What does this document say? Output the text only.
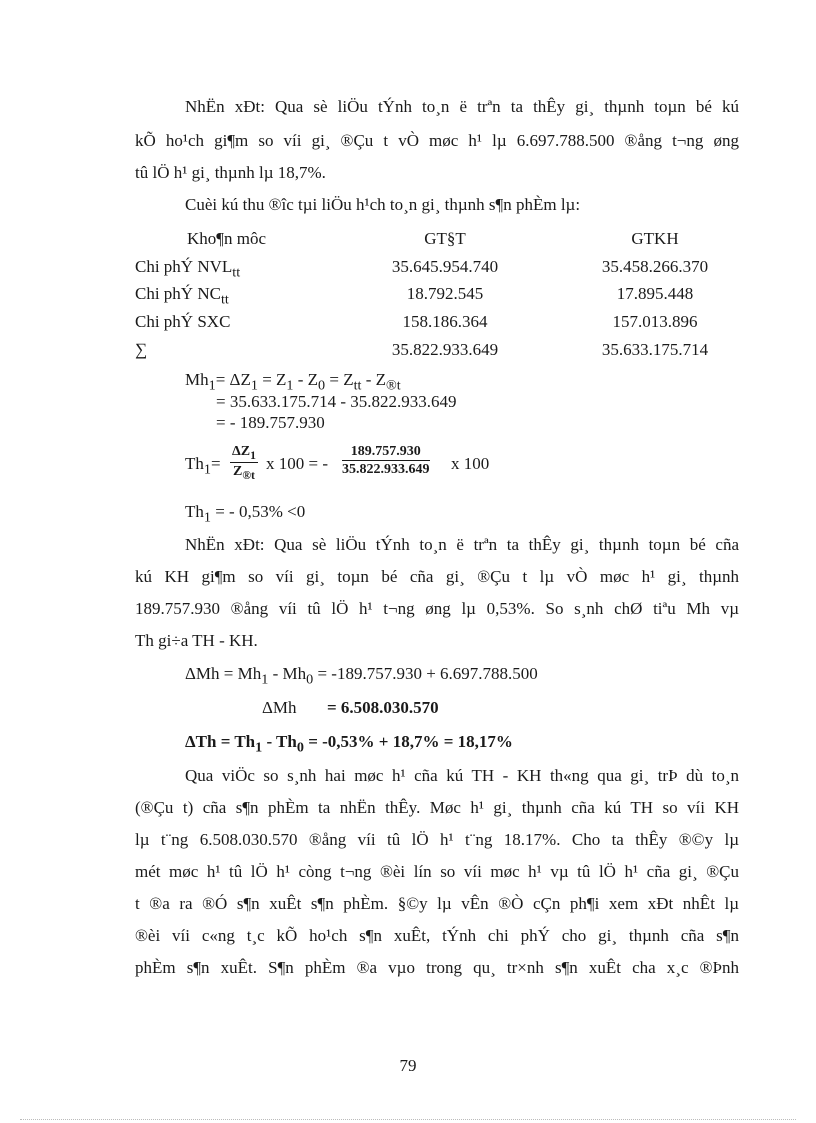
NhËn xÐt: Qua sè liÖu tÝnh to¸n ë trªn ta thÊy gi¸ thµnh toµn bé kú
kÕ ho¹ch gi¶m so víi gi¸ ®Çu t vÒ møc h¹ lµ 6.697.788.500 ®ång t¬ng øng
tû lÖ h¹ gi¸ thµnh lµ 18,7%.
Cuèi kú thu ®îc tµi liÖu h¹ch to¸n gi¸ thµnh s¶n phÈm lµ:
Kho¶n môc	GT§T	GTKH
Chi phÝ $NVL_{tt}$	35.645.954.740	35.458.266.370
Chi phÝ $NC_{tt}$	18.792.545	17.895.448
Chi phÝ SXC	158.186.364	157.013.896
∑	35.822.933.649	35.633.175.714
$Mh_1= \Delta Z_1 = Z_1 - Z_0 = Z_{tt} - Z_{®t}$
= 35.633.175.714 - 35.822.933.649
= - 189.757.930
$Th_1= \frac{\Delta Z_1}{Z_{®t}}$ x 100 = - $\frac{189.757.930}{35.822.933.649}$ x 100
$Th_1$ = - 0,53% <0
NhËn xÐt: Qua sè liÖu tÝnh to¸n ë trªn ta thÊy gi¸ thµnh toµn bé cña
kú KH gi¶m so víi gi¸ toµn bé cña gi¸ ®Çu t lµ vÒ møc h¹ gi¸ thµnh
189.757.930 ®ång víi tû lÖ h¹ t¬ng øng lµ 0,53%. So s¸nh chØ tiªu Mh vµ
Th gi÷a TH - KH.
$\Delta Mh = Mh_1 - Mh_0 = -189.757.930 + 6.697.788.500$
ΔMh = 6.508.030.570
$\Delta Th = Th_1 - Th_0 = -0,53\% + 18,7\% = 18,17\%$
Qua viÖc so s¸nh hai møc h¹ cña kú TH - KH th«ng qua gi¸ trÞ dù to¸n
(®Çu t) cña s¶n phÈm ta nhËn thÊy. Møc h¹ gi¸ thµnh cña kú TH so víi KH
lµ t¨ng 6.508.030.570 ®ång víi tû lÖ h¹ t¨ng 18.17%. Cho ta thÊy ®©y lµ
mét møc h¹ tû lÖ h¹ còng t¬ng ®èi lín so víi møc h¹ vµ tû lÖ h¹ cña gi¸ ®Çu
t ®a ra ®Ó s¶n xuÊt s¶n phÈm. §©y lµ vÊn ®Ò cÇn ph¶i xem xÐt nhÊt lµ
®èi víi c«ng t¸c kÕ ho¹ch s¶n xuÊt, tÝnh chi phÝ cho gi¸ thµnh cña s¶n
phÈm s¶n xuÊt. S¶n phÈm ®a vµo trong qu¸ tr×nh s¶n xuÊt cha x¸c ®Þnh
79
